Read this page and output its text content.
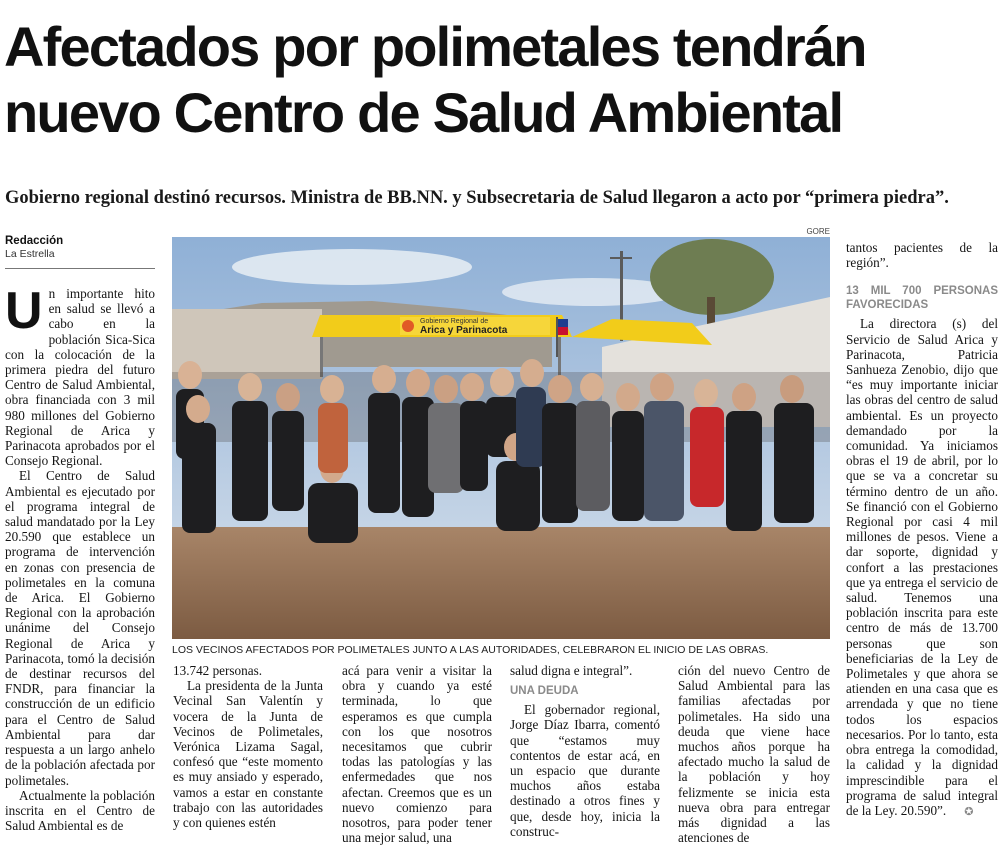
Afectados por polimetales tendrán
nuevo Centro de Salud Ambiental
Gobierno regional destinó recursos. Ministra de BB.NN. y Subsecretaria de Salud llegaron a acto por “primera piedra”.
Redacción
La Estrella

Un importante hito en salud se llevó a cabo en la población Sica-Sica con la colocación de la primera piedra del futuro Centro de Salud Ambiental, obra financiada con 3 mil 980 millones del Gobierno Regional de Arica y Parinacota aprobados por el Consejo Regional.

El Centro de Salud Ambiental es ejecutado por el programa integral de salud mandatado por la Ley 20.590 que establece un programa de intervención en zonas con presencia de polimetales en la comuna de Arica. El Gobierno Regional con la aprobación unánime del Consejo Regional de Arica y Parinacota, tomó la decisión de destinar recursos del FNDR, para financiar la construcción de un edificio para el Centro de Salud Ambiental para dar respuesta a un largo anhelo de la población afectada por polimetales.

Actualmente la población inscrita en el Centro de Salud Ambiental es de

GORE
Gobierno Regional de
Arica y Parinacota
LOS VECINOS AFECTADOS POR POLIMETALES JUNTO A LAS AUTORIDADES, CELEBRARON EL INICIO DE LAS OBRAS.

13.742 personas.

La presidenta de la Junta Vecinal San Valentín y vocera de la Junta de Vecinos de Polimetales, Verónica Lizama Sagal, confesó que “este momento es muy ansiado y esperado, vamos a estar en constante trabajo con las autoridades y con quienes estén

acá para venir a visitar la obra y cuando ya esté terminada, lo que esperamos es que cumpla con los que nosotros necesitamos que cubrir todas las patologías y las enfermedades que nos afectan. Creemos que es un nuevo comienzo para nosotros, para poder tener una mejor salud, una

salud digna e integral”.

UNA DEUDA

El gobernador regional, Jorge Díaz Ibarra, comentó que “estamos muy contentos de estar acá, en un espacio que durante muchos años estaba destinado a otros fines y que, desde hoy, inicia la construc-

ción del nuevo Centro de Salud Ambiental para las familias afectadas por polimetales. Ha sido una deuda que viene hace muchos años porque ha afectado mucho la salud de la población y hoy felizmente se inicia esta nueva obra para entregar más dignidad a las atenciones de

tantos pacientes de la región”.

13 MIL 700 PERSONAS FAVORECIDAS

La directora (s) del Servicio de Salud Arica y Parinacota, Patricia Sanhueza Zenobio, dijo que “es muy importante iniciar las obras del centro de salud ambiental. Es un proyecto demandado por la comunidad. Ya iniciamos obras el 19 de abril, por lo que se va a concretar su término dentro de un año. Se financió con el Gobierno Regional por casi 4 mil millones de pesos. Viene a dar soporte, dignidad y confort a las prestaciones que ya entrega el servicio de salud. Tenemos una población inscrita para este centro de más de 13.700 personas que son beneficiarias de la Ley de Polimetales y que ahora se atienden en una casa que es arrendada y que no tiene todos los espacios necesarios. Por lo tanto, esta obra entrega la comodidad, la calidad y la dignidad imprescindible para el programa de salud integral de la Ley. 20.590”. ✪
